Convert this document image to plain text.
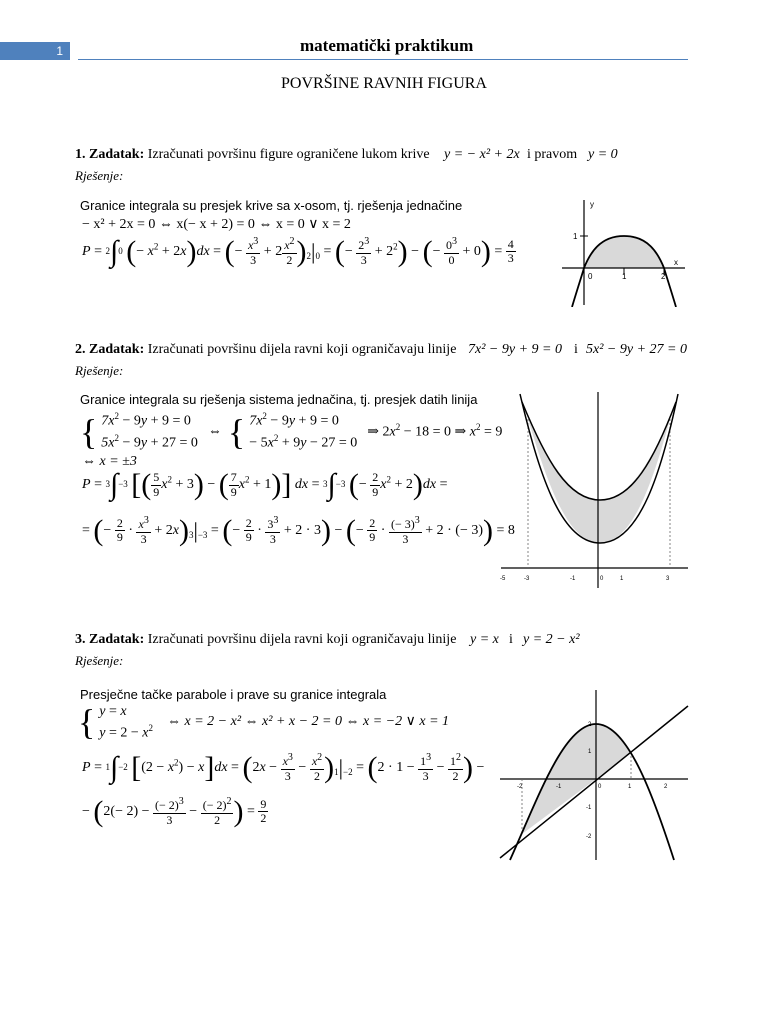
1	matematički praktikum
POVRŠINE RAVNIH FIGURA
1. Zadatak: Izračunati površinu figure ograničene lukom krive y = − x² + 2x i pravom y = 0
Rješenje:
Granice integrala su presjek krive sa x-osom, tj. rješenja jednačine
− x² + 2x = 0 ⇔ x(− x + 2) = 0 ⇔ x = 0 ∨ x = 2
P = 2∫0 (− $x^2 + 2x)dx$ = (− $\frac{x^3}{3} + 2 \frac{x^2}{2} )2|0$ = (− $\frac{2^3}{3} + 2^2$) − (− $\frac{0^3}{0} + 0) = \frac{4}{3}$
y
x
1
0	1	2
2. Zadatak: Izračunati površinu dijela ravni koji ograničavaju linije 7x² − 9y + 9 = 0 i 5x² − 9y + 27 = 0
Rješenje:
Granice integrala su rješenja sistema jednačina, tj. presjek datih linija
{	$7x^2 - 9y + 9 = 0$
$5x^2 - 9y + 27 = 0$	⇔	{	$7x^2 - 9y + 9 = 0$
− $5x^2 + 9y - 27 = 0$	⇒ $2x^2 - 18 = 0$ ⇒ $x^2 = 9$
⇔ x = ±3
P = 3∫−3 [( $\frac{5}{9} x^2 + 3$) − ( $\frac{7}{9} x^2 + 1$)] dx = 3∫−3 (− $\frac{2}{9} x^2 + 2)dx$ =
= (− $\frac{2}{9} \cdot \frac{x^3}{3} + 2x)3|-3$ = (− $\frac{2}{9} \cdot \frac{3^3}{3} + 2 \cdot 3$) − (− $\frac{2}{9} \cdot \frac{(- 3)^3}{3} + 2$ · (− 3)) = 8
-5	-3	-1	0	1	3
3. Zadatak: Izračunati površinu dijela ravni koji ograničavaju linije y = x i y = 2 − x²
Rješenje:
Presječne tačke parabole i prave su granice integrala
{	y = x
$y = 2 - x^2$	⇔ x = 2 − x² ⇔ x² + x − 2 = 0 ⇔ x = −2 ∨ x = 1
P = 1∫−2 $[(2 - x^2) - x]dx = (2x - \frac{x^3}{3} - \frac{x^2}{2} )1|-2 = (2 \cdot 1 - \frac{1^3}{3} - \frac{1^2}{2}$ ) −
− ($2(- 2) - \frac{(- 2)^3}{3} - \frac{(- 2)^2}{2}$ ) = $\frac{9}{2}$
-2	-1	0	1	2
2
1
-1
-2
